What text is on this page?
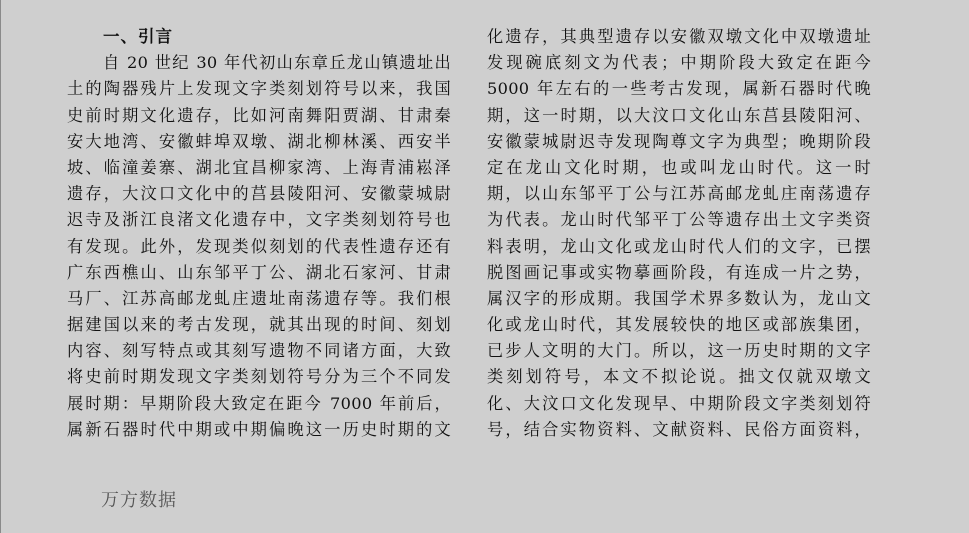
一、引言
自 20 世纪 30 年代初山东章丘龙山镇遗址出
土的陶器残片上发现文字类刻划符号以来，我国
史前时期文化遗存，比如河南舞阳贾湖、甘肃秦
安大地湾、安徽蚌埠双墩、湖北柳林溪、西安半
坡、临潼姜寨、湖北宜昌柳家湾、上海青浦崧泽
遗存，大汶口文化中的莒县陵阳河、安徽蒙城尉
迟寺及浙江良渚文化遗存中，文字类刻划符号也
有发现。此外，发现类似刻划的代表性遗存还有
广东西樵山、山东邹平丁公、湖北石家河、甘肃
马厂、江苏高邮龙虬庄遗址南荡遗存等。我们根
据建国以来的考古发现，就其出现的时间、刻划
内容、刻写特点或其刻写遗物不同诸方面，大致
将史前时期发现文字类刻划符号分为三个不同发
展时期：早期阶段大致定在距今 7000 年前后，
属新石器时代中期或中期偏晚这一历史时期的文
化遗存，其典型遗存以安徽双墩文化中双墩遗址
发现碗底刻文为代表；中期阶段大致定在距今
5000 年左右的一些考古发现，属新石器时代晚
期，这一时期，以大汶口文化山东莒县陵阳河、
安徽蒙城尉迟寺发现陶尊文字为典型；晚期阶段
定在龙山文化时期，也或叫龙山时代。这一时
期，以山东邹平丁公与江苏高邮龙虬庄南荡遗存
为代表。龙山时代邹平丁公等遗存出土文字类资
料表明，龙山文化或龙山时代人们的文字，已摆
脱图画记事或实物摹画阶段，有连成一片之势，
属汉字的形成期。我国学术界多数认为，龙山文
化或龙山时代，其发展较快的地区或部族集团，
已步人文明的大门。所以，这一历史时期的文字
类刻划符号，本文不拟论说。拙文仅就双墩文
化、大汶口文化发现早、中期阶段文字类刻划符
号，结合实物资料、文献资料、民俗方面资料，
万方数据
